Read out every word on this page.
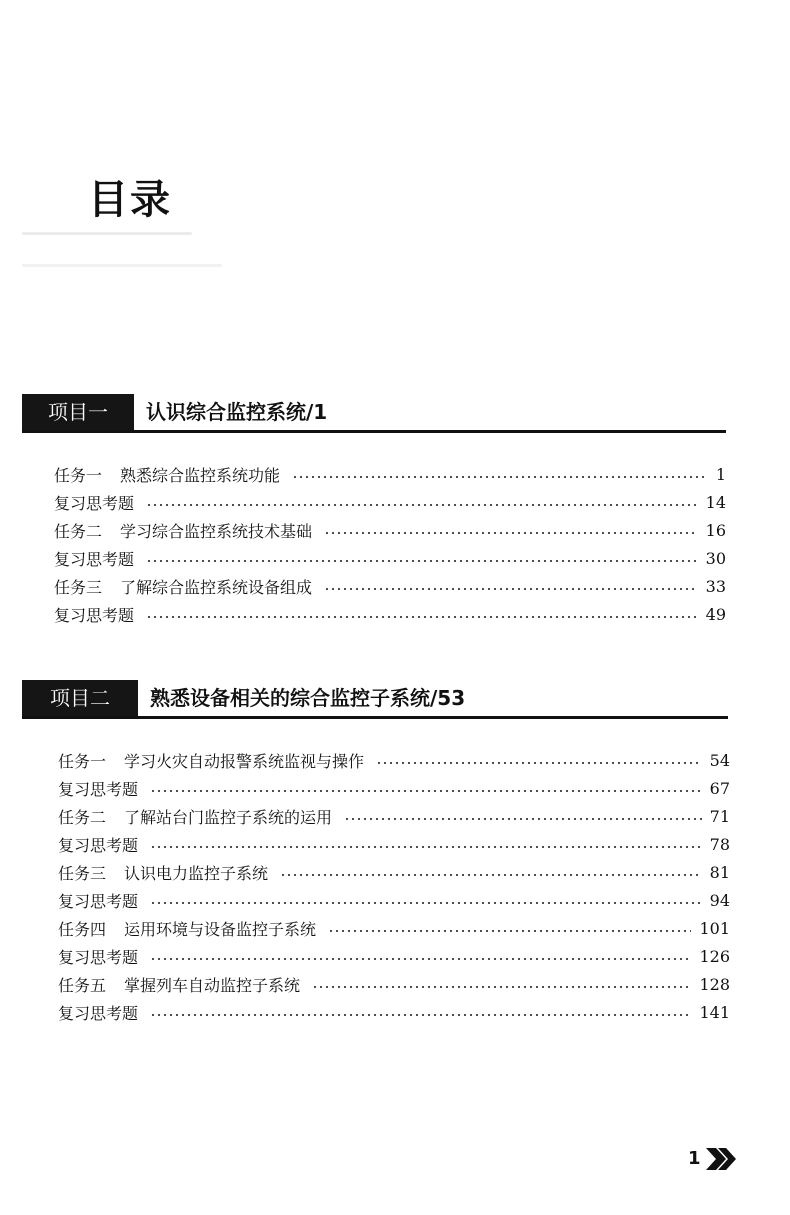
目录
项目一	认识综合监控系统/1
任务一 熟悉综合监控系统功能	1
复习思考题	14
任务二 学习综合监控系统技术基础	16
复习思考题	30
任务三 了解综合监控系统设备组成	33
复习思考题	49
项目二	熟悉设备相关的综合监控子系统/53
任务一 学习火灾自动报警系统监视与操作	54
复习思考题	67
任务二 了解站台门监控子系统的运用	71
复习思考题	78
任务三 认识电力监控子系统	81
复习思考题	94
任务四 运用环境与设备监控子系统	101
复习思考题	126
任务五 掌握列车自动监控子系统	128
复习思考题	141
1
